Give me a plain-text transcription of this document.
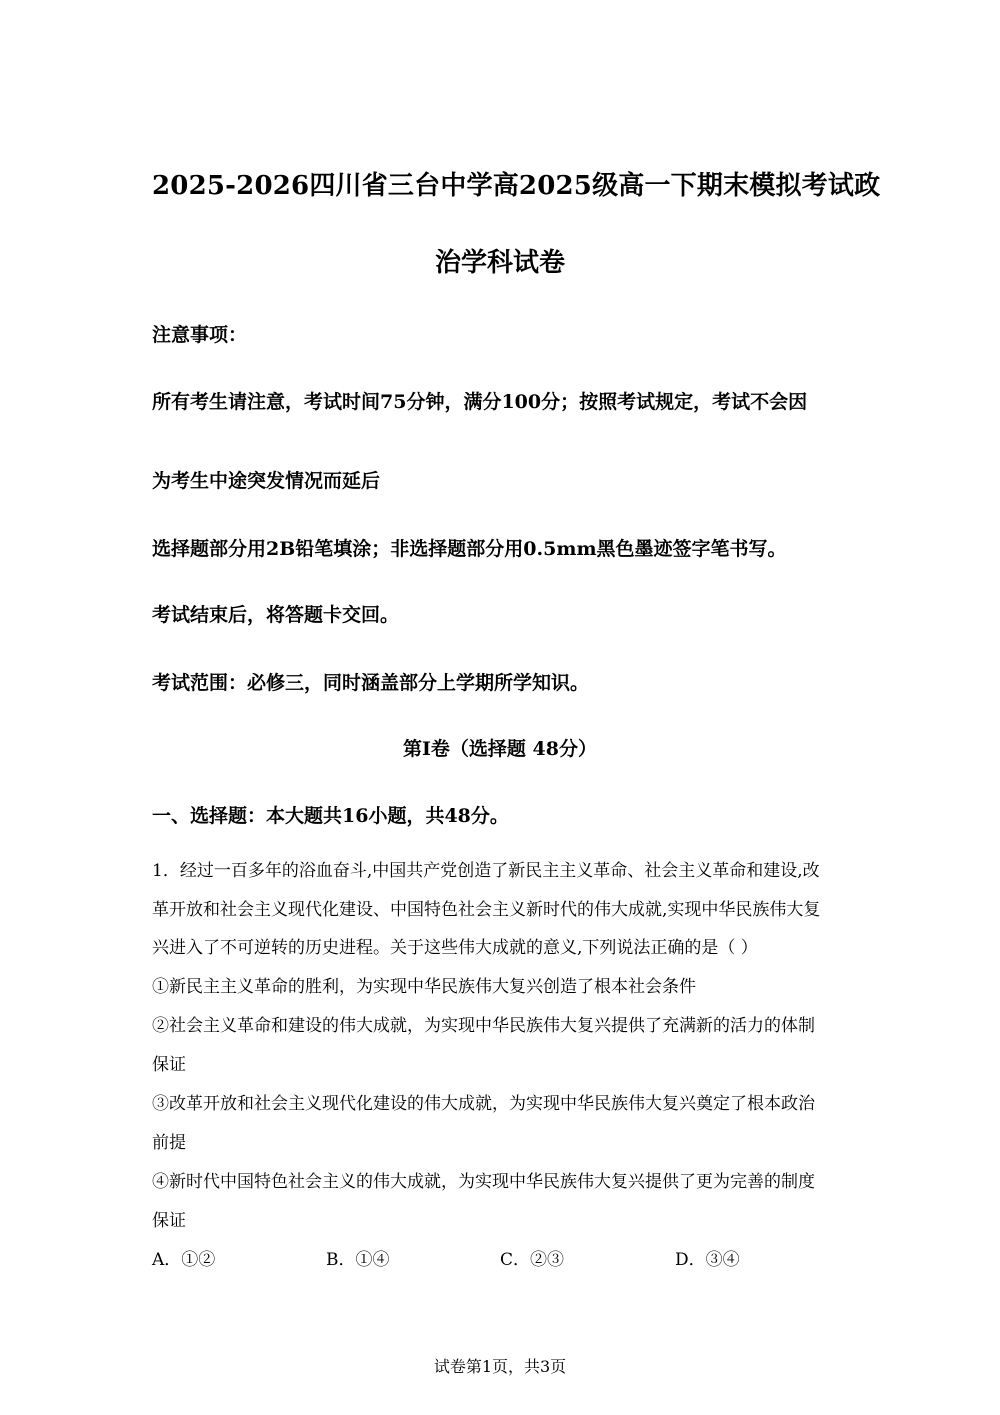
2025-2026四川省三台中学高2025级高一下期末模拟考试政
治学科试卷
注意事项：
所有考生请注意，考试时间75分钟，满分100分；按照考试规定，考试不会因
为考生中途突发情况而延后
选择题部分用2B铅笔填涂；非选择题部分用0.5mm黑色墨迹签字笔书写。
考试结束后，将答题卡交回。
考试范围：必修三，同时涵盖部分上学期所学知识。
第I卷（选择题 48分）
一、选择题：本大题共16小题，共48分。
1．经过一百多年的浴血奋斗,中国共产党创造了新民主主义革命、社会主义革命和建设,改
革开放和社会主义现代化建设、中国特色社会主义新时代的伟大成就,实现中华民族伟大复
兴进入了不可逆转的历史进程。关于这些伟大成就的意义,下列说法正确的是（ ）
①新民主主义革命的胜利，为实现中华民族伟大复兴创造了根本社会条件
②社会主义革命和建设的伟大成就，为实现中华民族伟大复兴提供了充满新的活力的体制
保证
③改革开放和社会主义现代化建设的伟大成就，为实现中华民族伟大复兴奠定了根本政治
前提
④新时代中国特色社会主义的伟大成就，为实现中华民族伟大复兴提供了更为完善的制度
保证
A．①②	B．①④	C．②③	D．③④
试卷第1页，共3页
